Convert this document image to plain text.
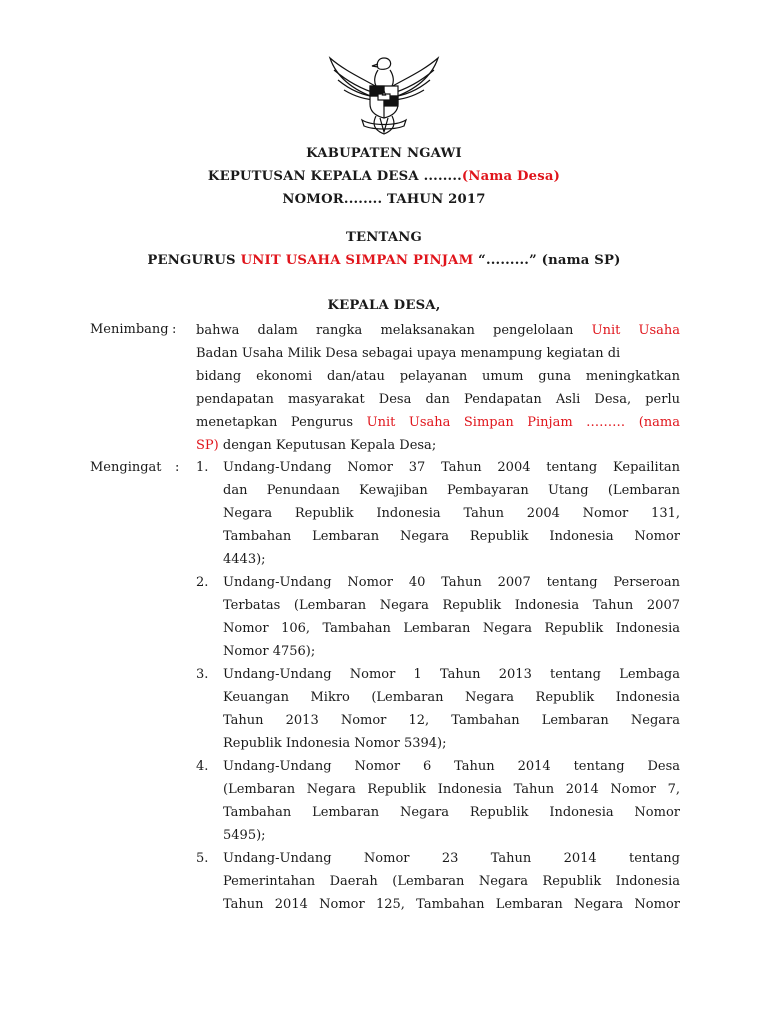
KABUPATEN NGAWI
KEPUTUSAN KEPALA DESA ........(Nama Desa)
NOMOR........ TAHUN 2017
TENTANG
PENGURUS UNIT USAHA SIMPAN PINJAM “.........” (nama SP)
KEPALA DESA,
Menimbang : bahwa dalam rangka melaksanakan pengelolaan Unit Usaha
Badan Usaha Milik Desa sebagai upaya menampung kegiatan di
bidang ekonomi dan/atau pelayanan umum guna meningkatkan
pendapatan masyarakat Desa dan Pendapatan Asli Desa, perlu
menetapkan Pengurus Unit Usaha Simpan Pinjam ……… (nama
SP) dengan Keputusan Kepala Desa;
Mengingat : 1. Undang-Undang Nomor 37 Tahun 2004 tentang Kepailitan
dan Penundaan Kewajiban Pembayaran Utang (Lembaran
Negara Republik Indonesia Tahun 2004 Nomor 131,
Tambahan Lembaran Negara Republik Indonesia Nomor
4443);
2. Undang-Undang Nomor 40 Tahun 2007 tentang Perseroan
Terbatas (Lembaran Negara Republik Indonesia Tahun 2007
Nomor 106, Tambahan Lembaran Negara Republik Indonesia
Nomor 4756);
3. Undang-Undang Nomor 1 Tahun 2013 tentang Lembaga
Keuangan Mikro (Lembaran Negara Republik Indonesia
Tahun 2013 Nomor 12, Tambahan Lembaran Negara
Republik Indonesia Nomor 5394);
4. Undang-Undang Nomor 6 Tahun 2014 tentang Desa
(Lembaran Negara Republik Indonesia Tahun 2014 Nomor 7,
Tambahan Lembaran Negara Republik Indonesia Nomor
5495);
5. Undang-Undang Nomor 23 Tahun 2014 tentang
Pemerintahan Daerah (Lembaran Negara Republik Indonesia
Tahun 2014 Nomor 125, Tambahan Lembaran Negara Nomor
